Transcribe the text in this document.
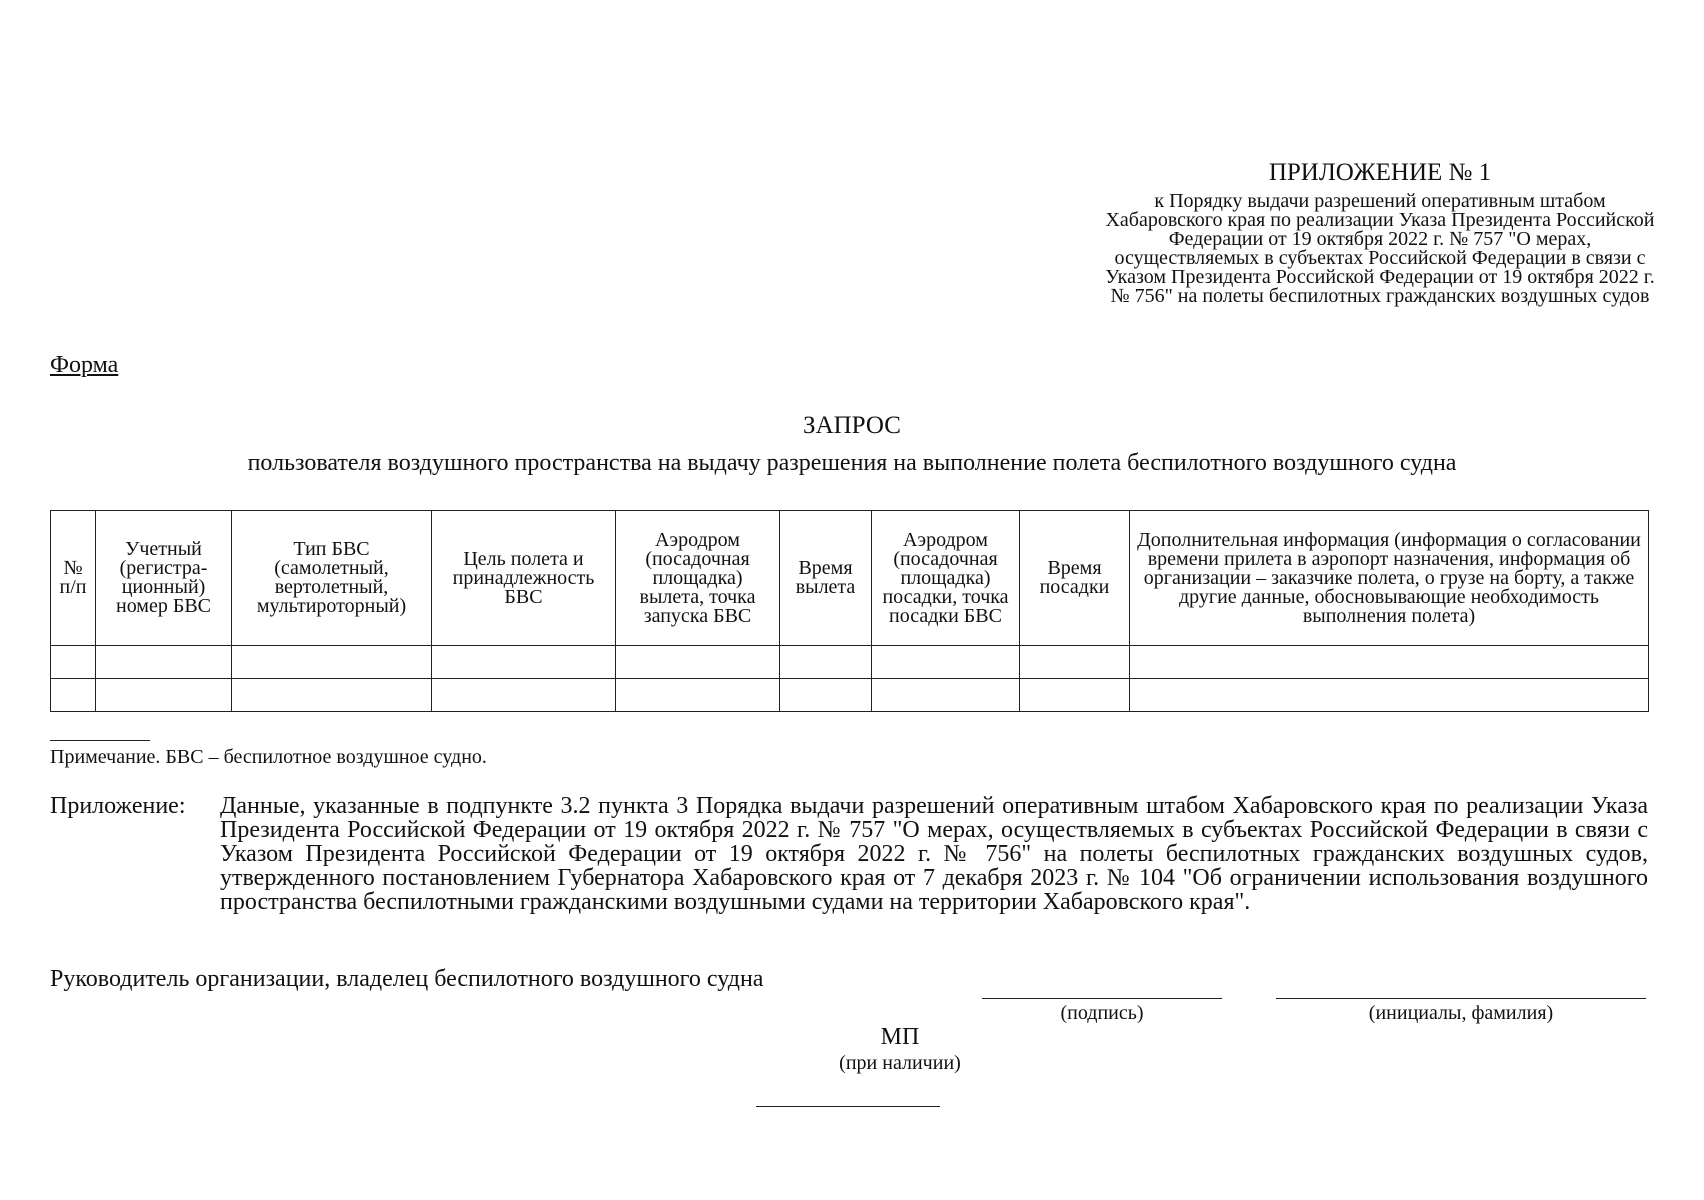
ПРИЛОЖЕНИЕ № 1
к Порядку выдачи разрешений оперативным штабом Хабаровского края по реализации Указа Президента Российской Федерации от 19 октября 2022 г. № 757 "О мерах, осуществляемых в субъектах Российской Федерации в связи с Указом Президента Российской Федерации от 19 октября 2022 г. № 756" на полеты беспилотных гражданских воздушных судов
Форма
ЗАПРОС
пользователя воздушного пространства на выдачу разрешения на выполнение полета беспилотного воздушного судна
№ п/п	Учетный (регистра-ционный) номер БВС	Тип БВС (самолетный, вертолетный, мультироторный)	Цель полета и принадлежность БВС	Аэродром (посадочная площадка) вылета, точка запуска БВС	Время вылета	Аэродром (посадочная площадка) посадки, точка посадки БВС	Время посадки	Дополнительная информация (информация о согласовании времени прилета в аэропорт назначения, информация об организации – заказчике полета, о грузе на борту, а также другие данные, обосновывающие необходимость выполнения полета)

Примечание. БВС – беспилотное воздушное судно.
Приложение: Данные, указанные в подпункте 3.2 пункта 3 Порядка выдачи разрешений оперативным штабом Хабаровского края по реализации Указа Президента Российской Федерации от 19 октября 2022 г. № 757 "О мерах, осуществляемых в субъектах Российской Федерации в связи с Указом Президента Российской Федерации от 19 октября 2022 г. № 756" на полеты беспилотных гражданских воздушных судов, утвержденного постановлением Губернатора Хабаровского края от 7 декабря 2023 г. № 104 "Об ограничении использования воздушного пространства беспилотными гражданскими воздушными судами на территории Хабаровского края".
Руководитель организации, владелец беспилотного воздушного судна
(подпись)	(инициалы, фамилия)
МП
(при наличии)
